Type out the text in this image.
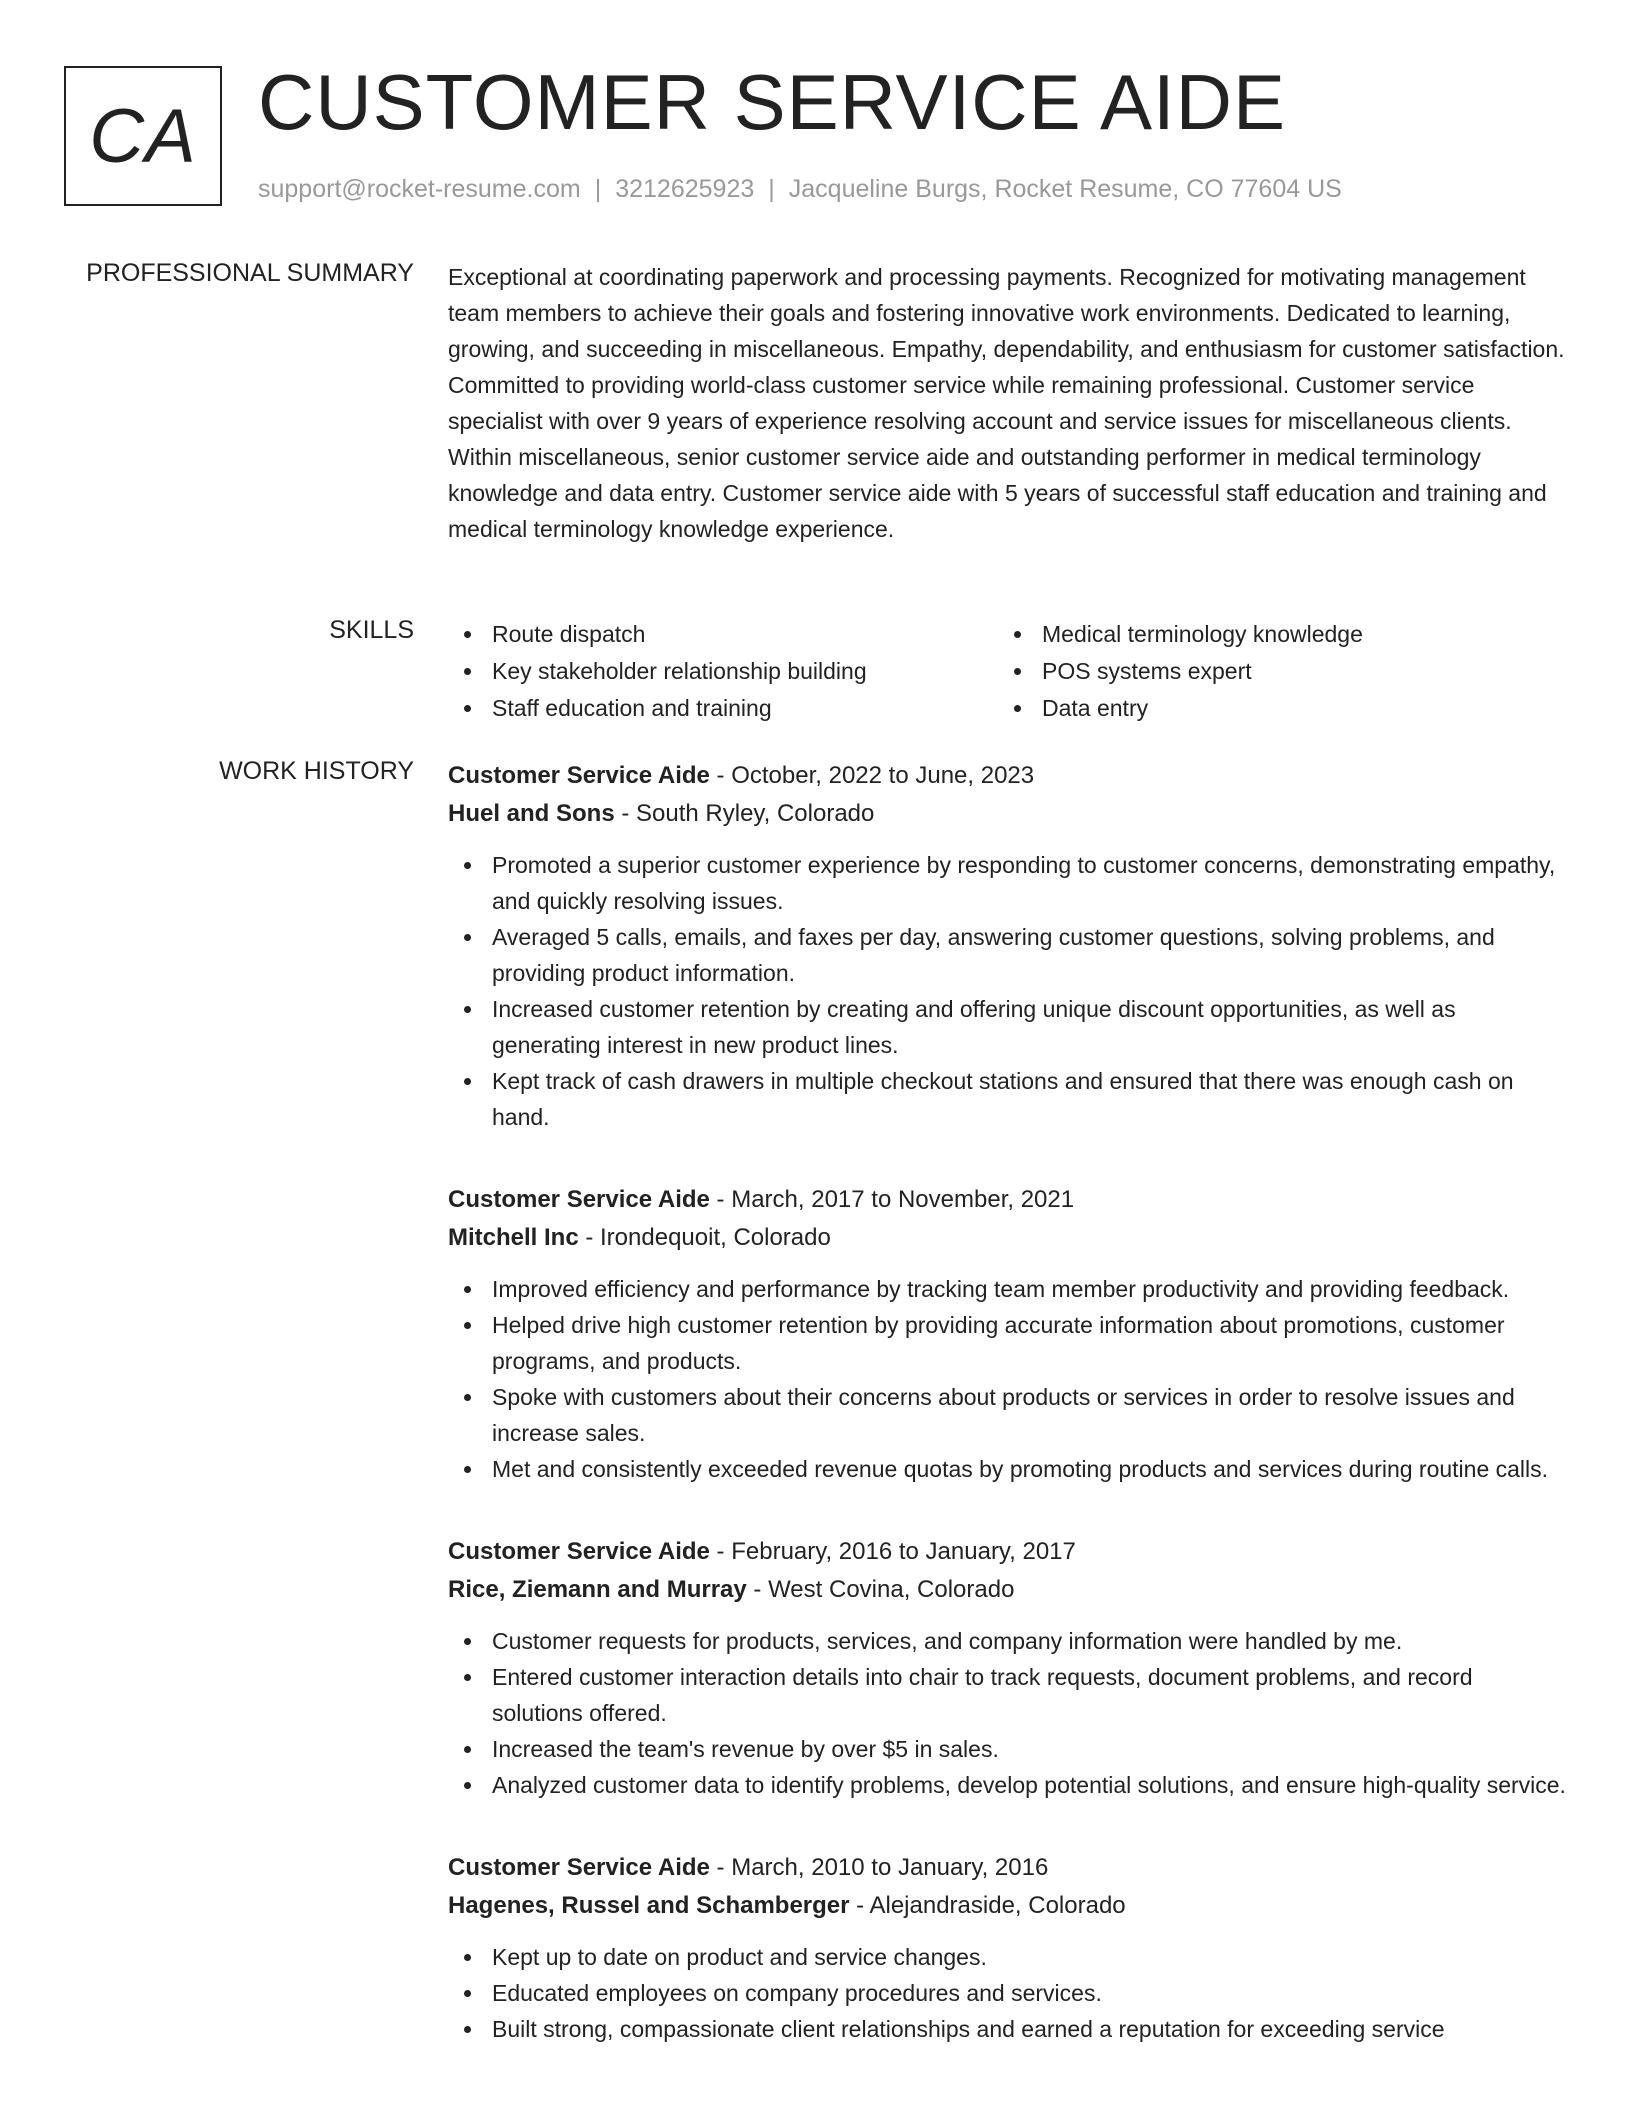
CA CUSTOMER SERVICE AIDE
support@rocket-resume.com | 3212625923 | Jacqueline Burgs, Rocket Resume, CO 77604 US
PROFESSIONAL SUMMARY Exceptional at coordinating paperwork and processing payments. Recognized for motivating management team members to achieve their goals and fostering innovative work environments. Dedicated to learning, growing, and succeeding in miscellaneous. Empathy, dependability, and enthusiasm for customer satisfaction. Committed to providing world-class customer service while remaining professional. Customer service specialist with over 9 years of experience resolving account and service issues for miscellaneous clients. Within miscellaneous, senior customer service aide and outstanding performer in medical terminology knowledge and data entry. Customer service aide with 5 years of successful staff education and training and medical terminology knowledge experience.

SKILLS	Route dispatch
Key stakeholder relationship building
Staff education and training
Medical terminology knowledge
POS systems expert
Data entry
WORK HISTORY Customer Service Aide - October, 2022 to June, 2023
Huel and Sons - South Ryley, Colorado
Promoted a superior customer experience by responding to customer concerns, demonstrating empathy, and quickly resolving issues.
Averaged 5 calls, emails, and faxes per day, answering customer questions, solving problems, and providing product information.
Increased customer retention by creating and offering unique discount opportunities, as well as generating interest in new product lines.
Kept track of cash drawers in multiple checkout stations and ensured that there was enough cash on hand.
Customer Service Aide - March, 2017 to November, 2021
Mitchell Inc - Irondequoit, Colorado
Improved efficiency and performance by tracking team member productivity and providing feedback.
Helped drive high customer retention by providing accurate information about promotions, customer programs, and products.
Spoke with customers about their concerns about products or services in order to resolve issues and increase sales.
Met and consistently exceeded revenue quotas by promoting products and services during routine calls.
Customer Service Aide - February, 2016 to January, 2017
Rice, Ziemann and Murray - West Covina, Colorado
Customer requests for products, services, and company information were handled by me.
Entered customer interaction details into chair to track requests, document problems, and record solutions offered.
Increased the team's revenue by over $5 in sales.
Analyzed customer data to identify problems, develop potential solutions, and ensure high-quality service.
Customer Service Aide - March, 2010 to January, 2016
Hagenes, Russel and Schamberger - Alejandraside, Colorado
Kept up to date on product and service changes.
Educated employees on company procedures and services.
Built strong, compassionate client relationships and earned a reputation for exceeding service
